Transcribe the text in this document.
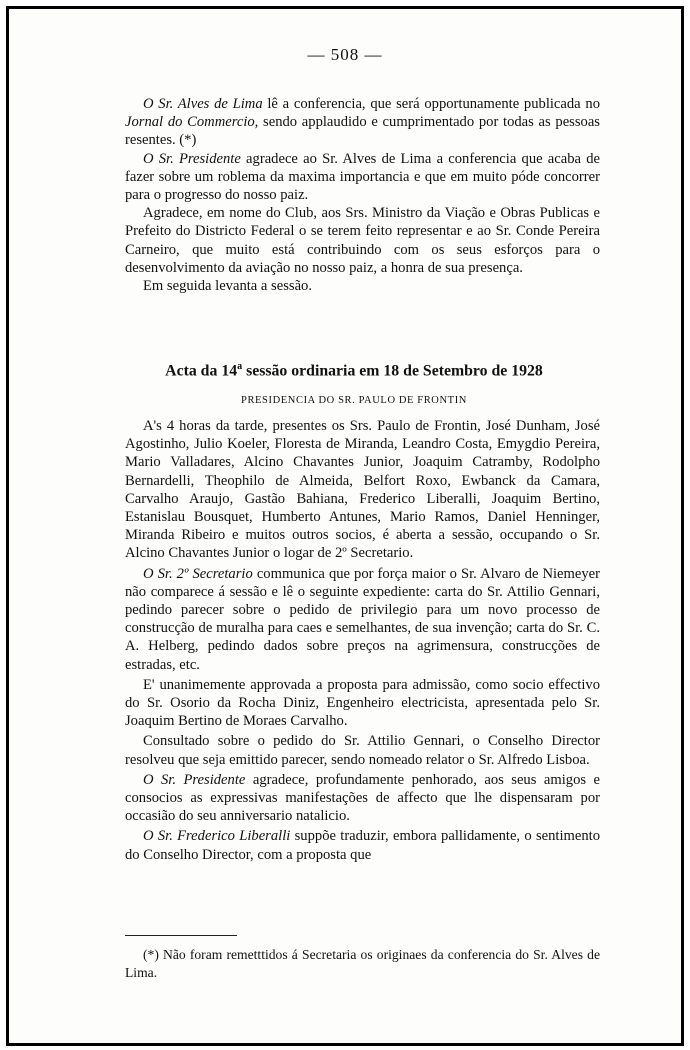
— 508 —

O Sr. Alves de Lima lê a conferencia, que será opportunamente publicada no Jornal do Commercio, sendo applaudido e cumprimentado por todas as pessoas resentes. (*)

O Sr. Presidente agradece ao Sr. Alves de Lima a conferencia que acaba de fazer sobre um roblema da maxima importancia e que em muito póde concorrer para o progresso do nosso paiz.

Agradece, em nome do Club, aos Srs. Ministro da Viação e Obras Publicas e Prefeito do Districto Federal o se terem feito representar e ao Sr. Conde Pereira Carneiro, que muito está contribuindo com os seus esforços para o desenvolvimento da aviação no nosso paiz, a honra de sua presença.

Em seguida levanta a sessão.

Acta da 14$^a$ sessão ordinaria em 18 de Setembro de 1928
PRESIDENCIA DO SR. PAULO DE FRONTIN

A's 4 horas da tarde, presentes os Srs. Paulo de Frontin, José Dunham, José Agostinho, Julio Koeler, Floresta de Miranda, Leandro Costa, Emygdio Pereira, Mario Valladares, Alcino Chavantes Junior, Joaquim Catramby, Rodolpho Bernardelli, Theophilo de Almeida, Belfort Roxo, Ewbanck da Camara, Carvalho Araujo, Gastão Bahiana, Frederico Liberalli, Joaquim Bertino, Estanislau Bousquet, Humberto Antunes, Mario Ramos, Daniel Henninger, Miranda Ribeiro e muitos outros socios, é aberta a sessão, occupando o Sr. Alcino Chavantes Junior o logar de 2º Secretario.

O Sr. 2º Secretario communica que por força maior o Sr. Alvaro de Niemeyer não comparece á sessão e lê o seguinte expediente: carta do Sr. Attilio Gennari, pedindo parecer sobre o pedido de privilegio para um novo processo de construcção de muralha para caes e semelhantes, de sua invenção; carta do Sr. C. A. Helberg, pedindo dados sobre preços na agrimensura, construcções de estradas, etc.

E' unanimemente approvada a proposta para admissão, como socio effectivo do Sr. Osorio da Rocha Diniz, Engenheiro electricista, apresentada pelo Sr. Joaquim Bertino de Moraes Carvalho.

Consultado sobre o pedido do Sr. Attilio Gennari, o Conselho Director resolveu que seja emittido parecer, sendo nomeado relator o Sr. Alfredo Lisboa.

O Sr. Presidente agradece, profundamente penhorado, aos seus amigos e consocios as expressivas manifestações de affecto que lhe dispensaram por occasião do seu anniversario natalicio.

O Sr. Frederico Liberalli suppõe traduzir, embora pallidamente, o sentimento do Conselho Director, com a proposta que

(*) Não foram remetttidos á Secretaria os originaes da conferencia do Sr. Alves de Lima.
